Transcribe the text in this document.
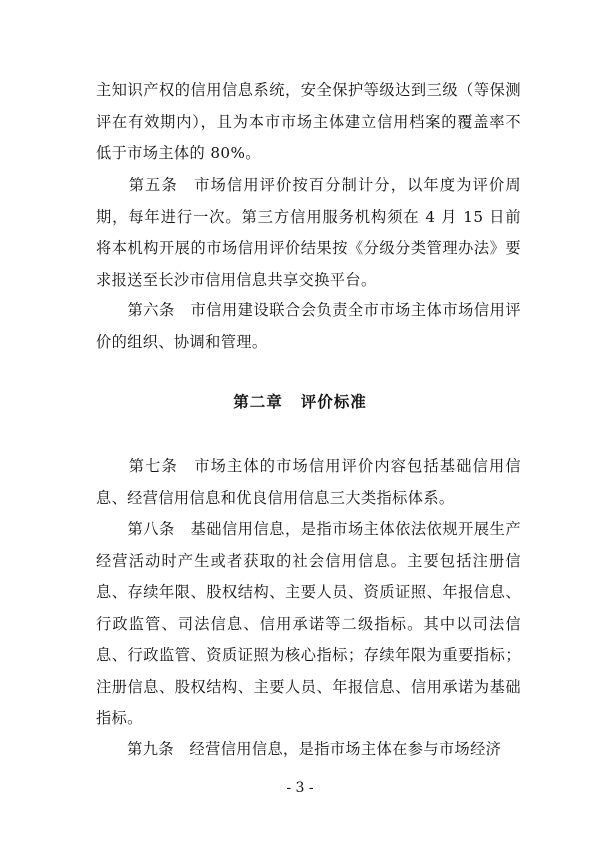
主知识产权的信用信息系统，安全保护等级达到三级（等保测评在有效期内），且为本市市场主体建立信用档案的覆盖率不低于市场主体的 80%。

　　第五条　市场信用评价按百分制计分，以年度为评价周期，每年进行一次。第三方信用服务机构须在 4 月 15 日前将本机构开展的市场信用评价结果按《分级分类管理办法》要求报送至长沙市信用信息共享交换平台。

　　第六条　市信用建设联合会负责全市市场主体市场信用评价的组织、协调和管理。

第二章 评价标准

　　第七条　市场主体的市场信用评价内容包括基础信用信息、经营信用信息和优良信用信息三大类指标体系。

　　第八条　基础信用信息，是指市场主体依法依规开展生产经营活动时产生或者获取的社会信用信息。主要包括注册信息、存续年限、股权结构、主要人员、资质证照、年报信息、行政监管、司法信息、信用承诺等二级指标。其中以司法信息、行政监管、资质证照为核心指标；存续年限为重要指标；注册信息、股权结构、主要人员、年报信息、信用承诺为基础指标。

　　第九条　经营信用信息，是指市场主体在参与市场经济

- 3 -
